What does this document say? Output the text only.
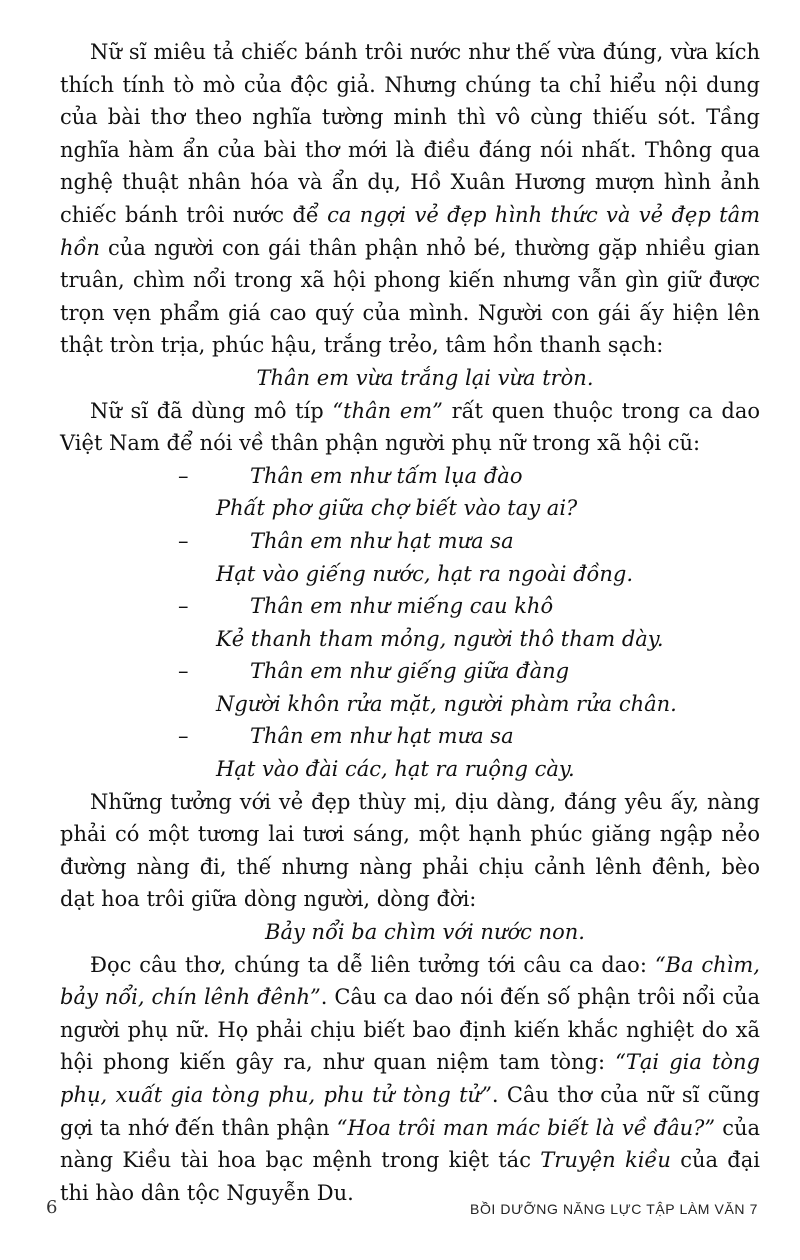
Nữ sĩ miêu tả chiếc bánh trôi nước như thế vừa đúng, vừa kích thích tính tò mò của độc giả. Nhưng chúng ta chỉ hiểu nội dung của bài thơ theo nghĩa tường minh thì vô cùng thiếu sót. Tầng nghĩa hàm ẩn của bài thơ mới là điều đáng nói nhất. Thông qua nghệ thuật nhân hóa và ẩn dụ, Hồ Xuân Hương mượn hình ảnh chiếc bánh trôi nước để ca ngợi vẻ đẹp hình thức và vẻ đẹp tâm hồn của người con gái thân phận nhỏ bé, thường gặp nhiều gian truân, chìm nổi trong xã hội phong kiến nhưng vẫn gìn giữ được trọn vẹn phẩm giá cao quý của mình. Người con gái ấy hiện lên thật tròn trịa, phúc hậu, trắng trẻo, tâm hồn thanh sạch:

Thân em vừa trắng lại vừa tròn.

Nữ sĩ đã dùng mô típ “thân em” rất quen thuộc trong ca dao Việt Nam để nói về thân phận người phụ nữ trong xã hội cũ:

–	Thân em như tấm lụa đào
Phất phơ giữa chợ biết vào tay ai?
–	Thân em như hạt mưa sa
Hạt vào giếng nước, hạt ra ngoài đồng.
–	Thân em như miếng cau khô
Kẻ thanh tham mỏng, người thô tham dày.
–	Thân em như giếng giữa đàng
Người khôn rửa mặt, người phàm rửa chân.
–	Thân em như hạt mưa sa
Hạt vào đài các, hạt ra ruộng cày.

Những tưởng với vẻ đẹp thùy mị, dịu dàng, đáng yêu ấy, nàng phải có một tương lai tươi sáng, một hạnh phúc giăng ngập nẻo đường nàng đi, thế nhưng nàng phải chịu cảnh lênh đênh, bèo dạt hoa trôi giữa dòng người, dòng đời:

Bảy nổi ba chìm với nước non.

Đọc câu thơ, chúng ta dễ liên tưởng tới câu ca dao: “Ba chìm, bảy nổi, chín lênh đênh”. Câu ca dao nói đến số phận trôi nổi của người phụ nữ. Họ phải chịu biết bao định kiến khắc nghiệt do xã hội phong kiến gây ra, như quan niệm tam tòng: “Tại gia tòng phụ, xuất gia tòng phu, phu tử tòng tử”. Câu thơ của nữ sĩ cũng gợi ta nhớ đến thân phận “Hoa trôi man mác biết là về đâu?” của nàng Kiều tài hoa bạc mệnh trong kiệt tác Truyện kiều của đại thi hào dân tộc Nguyễn Du.

6	BỒI DƯỠNG NĂNG LỰC TẬP LÀM VĂN 7
